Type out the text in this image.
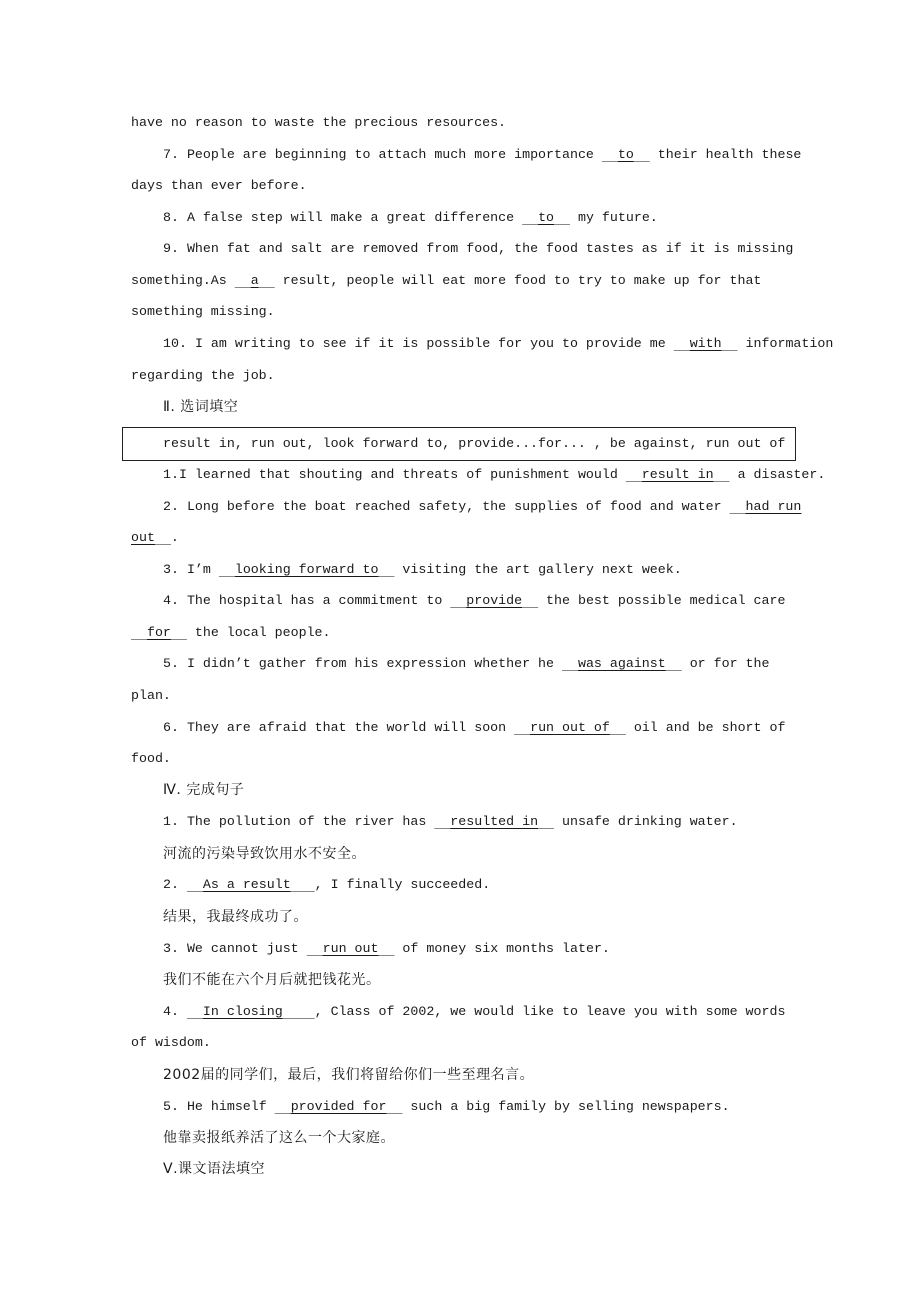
have no reason to waste the precious resources.
7. People are beginning to attach much more importance   to   their health these
days than ever before.
8. A false step will make a great difference   to   my future.
9. When fat and salt are removed from food, the food tastes as if it is missing
something.As   a   result, people will eat more food to try to make up for that
something missing.
10. I am writing to see if it is possible for you to provide me   with   information
regarding the job.
Ⅱ. 选词填空
result in, run out, look forward to, provide...for... , be against, run out of
1.I learned that shouting and threats of punishment would   result in   a disaster.
2. Long before the boat reached safety, the supplies of food and water   had run
out .
3. I’m   looking forward to   visiting the art gallery next week.
4. The hospital has a commitment to   provide   the best possible medical care
for   the local people.
5. I didn’t gather from his expression whether he   was against   or for the
plan.
6. They are afraid that the world will soon   run out of   oil and be short of
food.
Ⅳ. 完成句子
1. The pollution of the river has   resulted in   unsafe drinking water.
河流的污染导致饮用水不安全。
2. As a result , I finally succeeded.
结果，我最终成功了。
3. We cannot just   run out   of money six months later.
我们不能在六个月后就把钱花光。
4. In closing , Class of 2002, we would like to leave you with some words
of wisdom.
2002届的同学们，最后，我们将留给你们一些至理名言。
5. He himself   provided for   such a big family by selling newspapers.
他靠卖报纸养活了这么一个大家庭。
Ⅴ.课文语法填空
